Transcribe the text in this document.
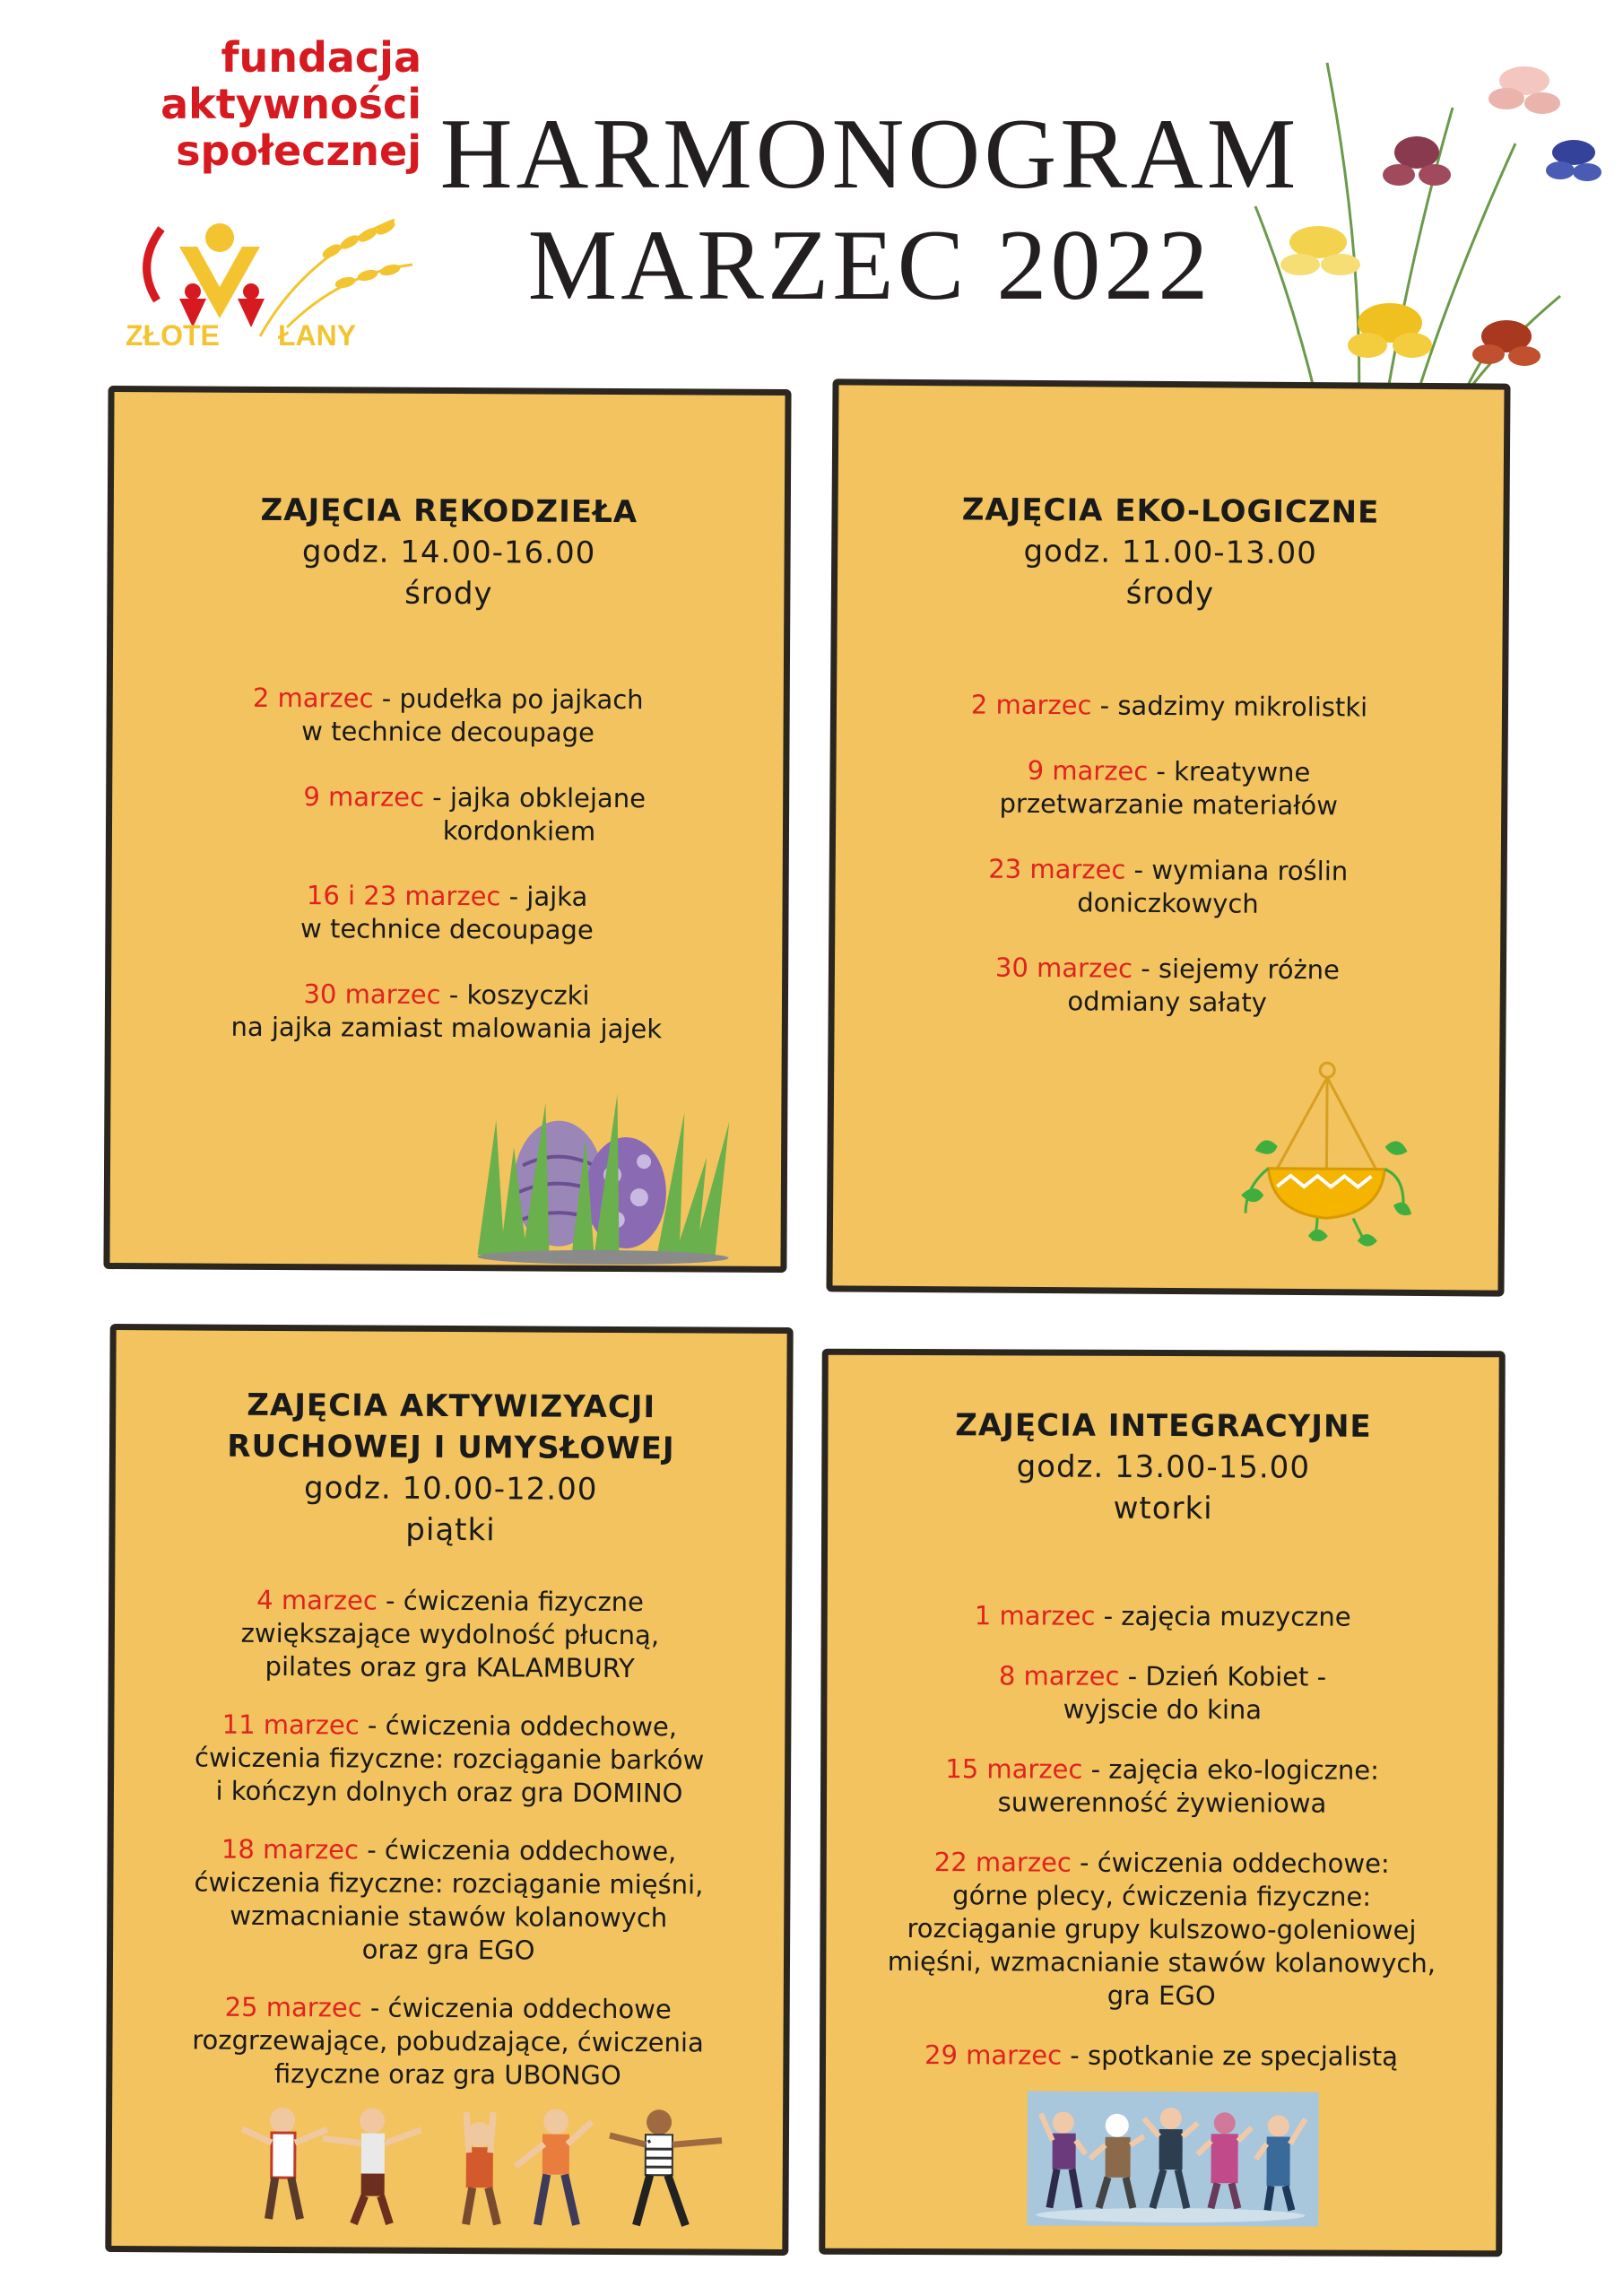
fundacja
aktywności
społecznej
ZŁOTE ŁANY
HARMONOGRAM
MARZEC 2022
ZAJĘCIA RĘKODZIEŁA
godz. 14.00-16.00
środy
2 marzec - pudełka po jajkach
w technice decoupage
9 marzec - jajka obklejane
kordonkiem
16 i 23 marzec - jajka
w technice decoupage
30 marzec - koszyczki
na jajka zamiast malowania jajek
ZAJĘCIA EKO-LOGICZNE
godz. 11.00-13.00
środy
2 marzec - sadzimy mikrolistki
9 marzec - kreatywne
przetwarzanie materiałów
23 marzec - wymiana roślin
doniczkowych
30 marzec - siejemy różne
odmiany sałaty
ZAJĘCIA AKTYWIZYACJI
RUCHOWEJ I UMYSŁOWEJ
godz. 10.00-12.00
piątki
4 marzec - ćwiczenia fizyczne
zwiększające wydolność płucną,
pilates oraz gra KALAMBURY
11 marzec - ćwiczenia oddechowe,
ćwiczenia fizyczne: rozciąganie barków
i kończyn dolnych oraz gra DOMINO
18 marzec - ćwiczenia oddechowe,
ćwiczenia fizyczne: rozciąganie mięśni,
wzmacnianie stawów kolanowych
oraz gra EGO
25 marzec - ćwiczenia oddechowe
rozgrzewające, pobudzające, ćwiczenia
fizyczne oraz gra UBONGO
ZAJĘCIA INTEGRACYJNE
godz. 13.00-15.00
wtorki
1 marzec - zajęcia muzyczne
8 marzec - Dzień Kobiet -
wyjscie do kina
15 marzec - zajęcia eko-logiczne:
suwerenność żywieniowa
22 marzec - ćwiczenia oddechowe:
górne plecy, ćwiczenia fizyczne:
rozciąganie grupy kulszowo-goleniowej
mięśni, wzmacnianie stawów kolanowych,
gra EGO
29 marzec - spotkanie ze specjalistą
